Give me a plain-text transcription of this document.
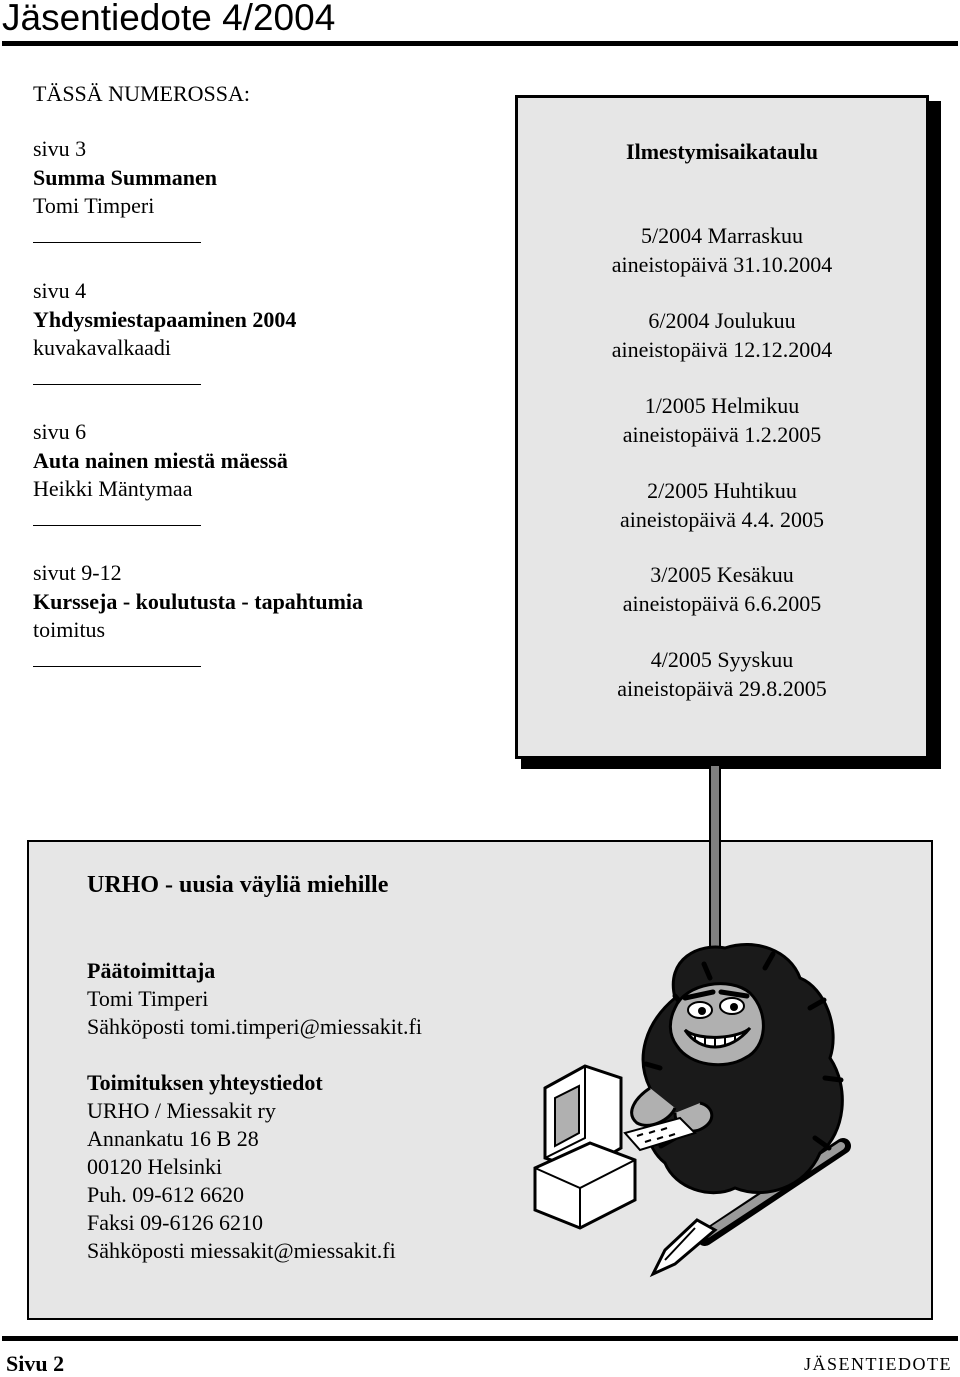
Jäsentiedote 4/2004
TÄSSÄ NUMEROSSA:
sivu 3
Summa Summanen
Tomi Timperi
sivu 4
Yhdysmiestapaaminen 2004
kuvakavalkaadi
sivu 6
Auta nainen miestä mäessä
Heikki Mäntymaa
sivut 9-12
Kursseja - koulutusta - tapahtumia
toimitus
Ilmestymisaikataulu
5/2004 Marraskuu
aineistopäivä 31.10.2004
6/2004 Joulukuu
aineistopäivä 12.12.2004
1/2005 Helmikuu
aineistopäivä 1.2.2005
2/2005 Huhtikuu
aineistopäivä 4.4. 2005
3/2005 Kesäkuu
aineistopäivä 6.6.2005
4/2005 Syyskuu
aineistopäivä 29.8.2005
URHO - uusia väyliä miehille
Päätoimittaja
Tomi Timperi
Sähköposti tomi.timperi@miessakit.fi
Toimituksen yhteystiedot
URHO / Miessakit ry
Annankatu 16 B 28
00120 Helsinki
Puh. 09-612 6620
Faksi 09-6126 6210
Sähköposti miessakit@miessakit.fi
Sivu 2	JÄSENTIEDOTE
